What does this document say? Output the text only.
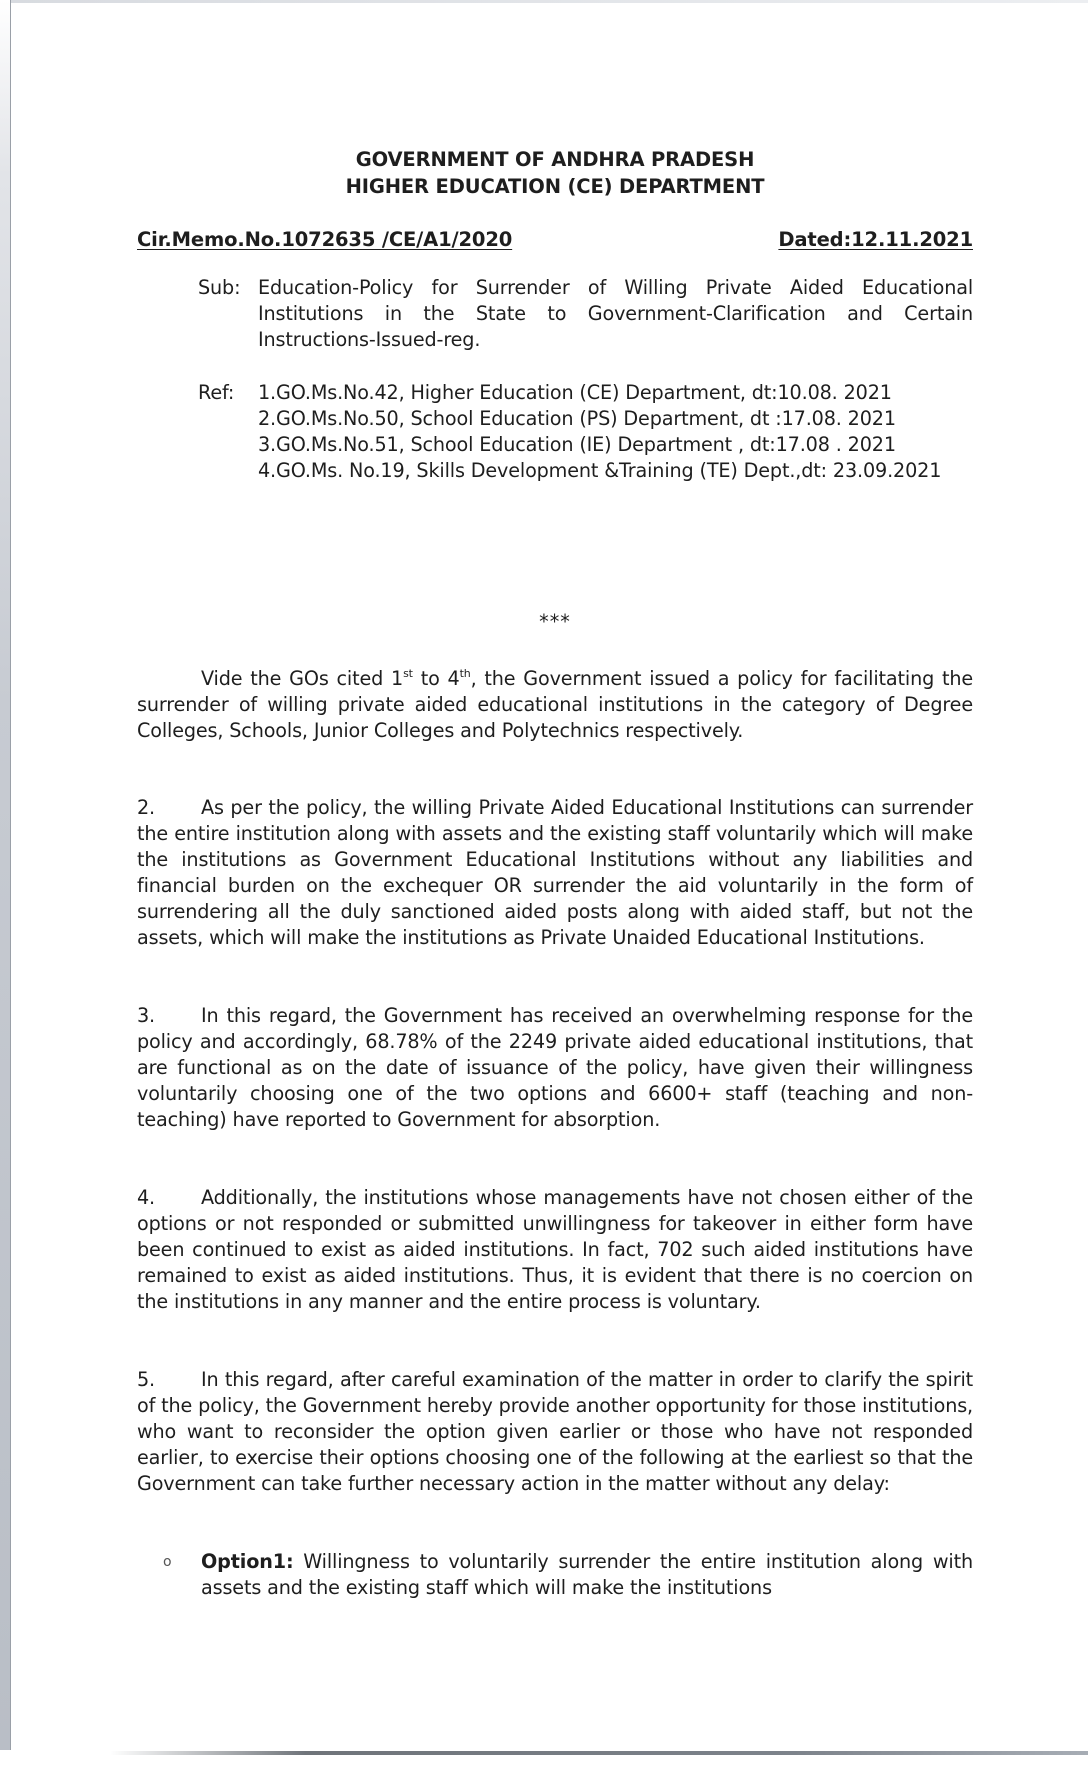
GOVERNMENT OF ANDHRA PRADESH
HIGHER EDUCATION (CE) DEPARTMENT
Cir.Memo.No.1072635 /CE/A1/2020	Dated:12.11.2021
Sub: Education-Policy for Surrender of Willing Private Aided Educational Institutions in the State to Government-Clarification and Certain Instructions-Issued-reg.
Ref:	1.GO.Ms.No.42, Higher Education (CE) Department, dt:10.08. 2021
2.GO.Ms.No.50, School Education (PS) Department, dt :17.08. 2021
3.GO.Ms.No.51, School Education (IE) Department , dt:17.08 . 2021
4.GO.Ms. No.19, Skills Development &Training (TE) Dept.,dt: 23.09.2021
***
Vide the GOs cited 1st to 4th, the Government issued a policy for facilitating the surrender of willing private aided educational institutions in the category of Degree Colleges, Schools, Junior Colleges and Polytechnics respectively.
2. As per the policy, the willing Private Aided Educational Institutions can surrender the entire institution along with assets and the existing staff voluntarily which will make the institutions as Government Educational Institutions without any liabilities and financial burden on the exchequer OR surrender the aid voluntarily in the form of surrendering all the duly sanctioned aided posts along with aided staff, but not the assets, which will make the institutions as Private Unaided Educational Institutions.
3. In this regard, the Government has received an overwhelming response for the policy and accordingly, 68.78% of the 2249 private aided educational institutions, that are functional as on the date of issuance of the policy, have given their willingness voluntarily choosing one of the two options and 6600+ staff (teaching and non-teaching) have reported to Government for absorption.
4. Additionally, the institutions whose managements have not chosen either of the options or not responded or submitted unwillingness for takeover in either form have been continued to exist as aided institutions. In fact, 702 such aided institutions have remained to exist as aided institutions. Thus, it is evident that there is no coercion on the institutions in any manner and the entire process is voluntary.
5. In this regard, after careful examination of the matter in order to clarify the spirit of the policy, the Government hereby provide another opportunity for those institutions, who want to reconsider the option given earlier or those who have not responded earlier, to exercise their options choosing one of the following at the earliest so that the Government can take further necessary action in the matter without any delay:
o Option1: Willingness to voluntarily surrender the entire institution along with assets and the existing staff which will make the institutions
